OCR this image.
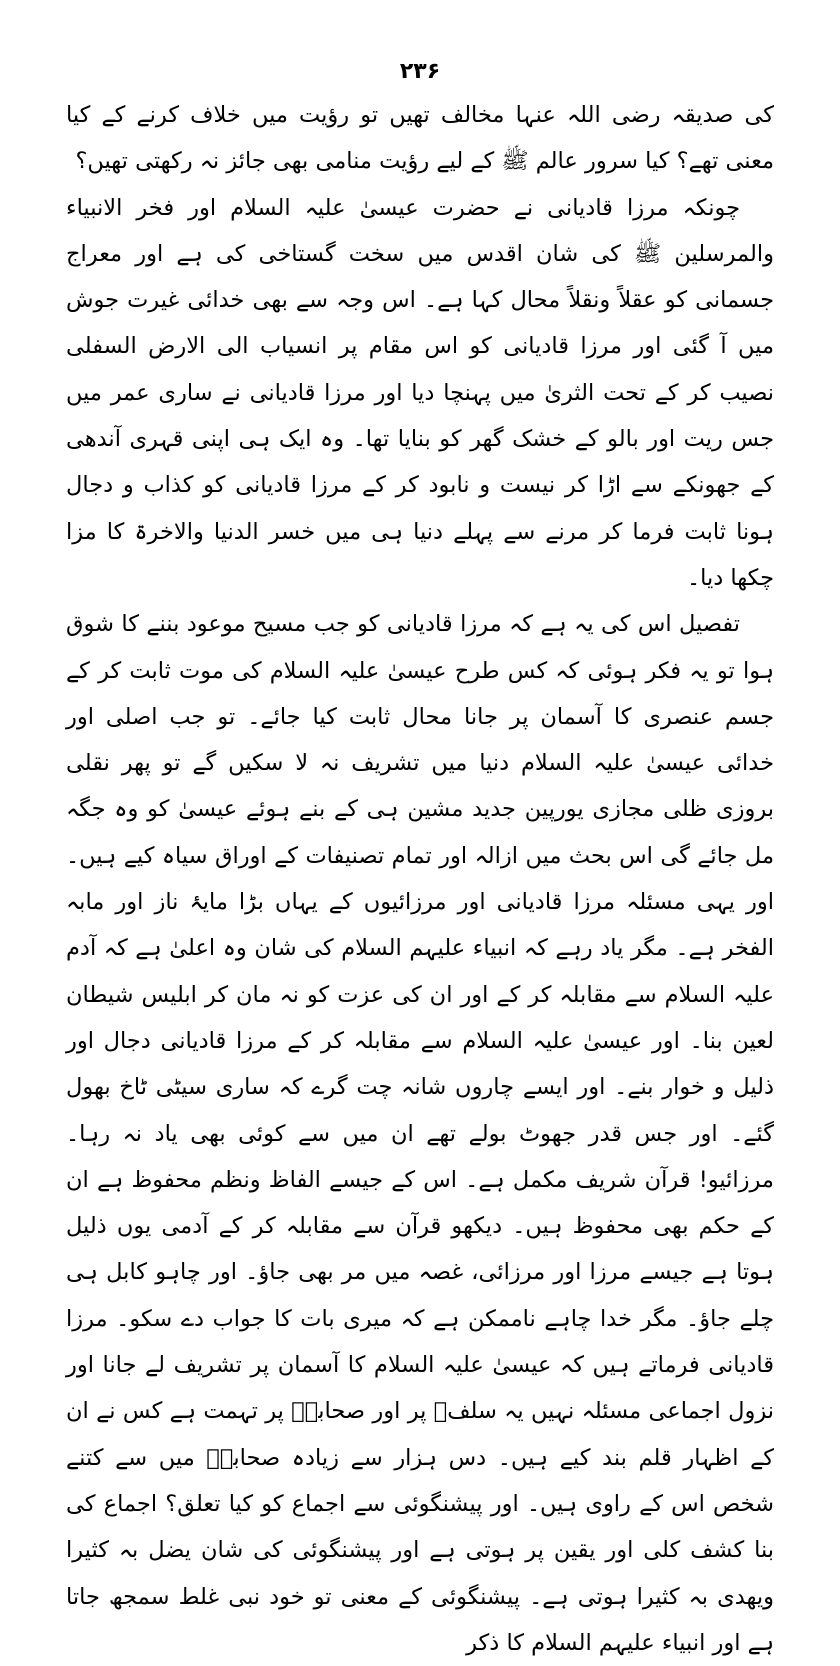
۲۳۶

کی صدیقہ رضی اللہ عنہا مخالف تھیں تو رؤیت میں خلاف کرنے کے کیا معنی تھے؟ کیا سرور عالم ﷺ کے لیے رؤیت منامی بھی جائز نہ رکھتی تھیں؟

چونکہ مرزا قادیانی نے حضرت عیسیٰ علیہ السلام اور فخر الانبیاء والمرسلین ﷺ کی شان اقدس میں سخت گستاخی کی ہے اور معراج جسمانی کو عقلاً ونقلاً محال کہا ہے۔ اس وجہ سے بھی خدائی غیرت جوش میں آ گئی اور مرزا قادیانی کو اس مقام پر انسیاب الی الارض السفلی نصیب کر کے تحت الثریٰ میں پہنچا دیا اور مرزا قادیانی نے ساری عمر میں جس ریت اور بالو کے خشک گھر کو بنایا تھا۔ وہ ایک ہی اپنی قہری آندھی کے جھونکے سے اڑا کر نیست و نابود کر کے مرزا قادیانی کو کذاب و دجال ہونا ثابت فرما کر مرنے سے پہلے دنیا ہی میں خسر الدنیا والاخرۃ کا مزا چکھا دیا۔

تفصیل اس کی یہ ہے کہ مرزا قادیانی کو جب مسیح موعود بننے کا شوق ہوا تو یہ فکر ہوئی کہ کس طرح عیسیٰ علیہ السلام کی موت ثابت کر کے جسم عنصری کا آسمان پر جانا محال ثابت کیا جائے۔ تو جب اصلی اور خدائی عیسیٰ علیہ السلام دنیا میں تشریف نہ لا سکیں گے تو پھر نقلی بروزی ظلی مجازی یورپین جدید مشین ہی کے بنے ہوئے عیسیٰ کو وہ جگہ مل جائے گی اس بحث میں ازالہ اور تمام تصنیفات کے اوراق سیاہ کیے ہیں۔ اور یہی مسئلہ مرزا قادیانی اور مرزائیوں کے یہاں بڑا مایۂ ناز اور مابہ الفخر ہے۔ مگر یاد رہے کہ انبیاء علیہم السلام کی شان وہ اعلیٰ ہے کہ آدم علیہ السلام سے مقابلہ کر کے اور ان کی عزت کو نہ مان کر ابلیس شیطان لعین بنا۔ اور عیسیٰ علیہ السلام سے مقابلہ کر کے مرزا قادیانی دجال اور ذلیل و خوار بنے۔ اور ایسے چاروں شانہ چت گرے کہ ساری سیٹی ٹاخ بھول گئے۔ اور جس قدر جھوٹ بولے تھے ان میں سے کوئی بھی یاد نہ رہا۔ مرزائیو! قرآن شریف مکمل ہے۔ اس کے جیسے الفاظ ونظم محفوظ ہے ان کے حکم بھی محفوظ ہیں۔ دیکھو قرآن سے مقابلہ کر کے آدمی یوں ذلیل ہوتا ہے جیسے مرزا اور مرزائی، غصہ میں مر بھی جاؤ۔ اور چاہو کابل ہی چلے جاؤ۔ مگر خدا چاہے ناممکن ہے کہ میری بات کا جواب دے سکو۔ مرزا قادیانی فرماتے ہیں کہ عیسیٰ علیہ السلام کا آسمان پر تشریف لے جانا اور نزول اجماعی مسئلہ نہیں یہ سلفؒ پر اور صحابہؓ پر تہمت ہے کس نے ان کے اظہار قلم بند کیے ہیں۔ دس ہزار سے زیادہ صحابہؓ میں سے کتنے شخص اس کے راوی ہیں۔ اور پیشنگوئی سے اجماع کو کیا تعلق؟ اجماع کی بنا کشف کلی اور یقین پر ہوتی ہے اور پیشنگوئی کی شان یضل بہ کثیرا ویھدی بہ کثیرا ہوتی ہے۔ پیشنگوئی کے معنی تو خود نبی غلط سمجھ جاتا ہے اور انبیاء علیہم السلام کا ذکر
